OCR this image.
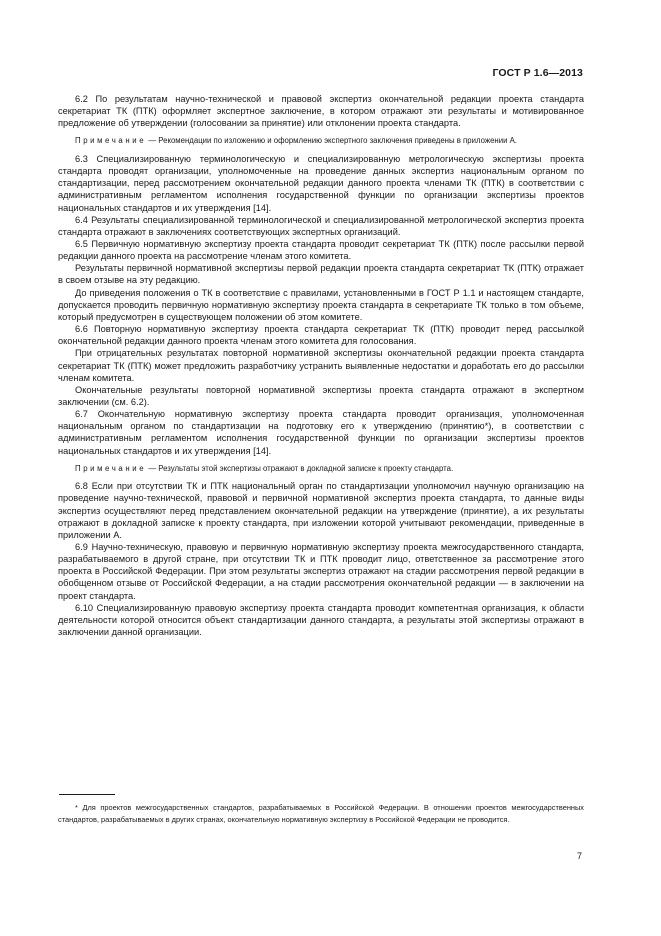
ГОСТ Р 1.6—2013

6.2 По результатам научно-технической и правовой экспертиз окончательной редакции проекта стандарта секретариат ТК (ПТК) оформляет экспертное заключение, в котором отражают эти результаты и мотивированное предложение об утверждении (голосовании за принятие) или отклонении проекта стандарта.

Примечание — Рекомендации по изложению и оформлению экспертного заключения приведены в приложении А.

6.3 Специализированную терминологическую и специализированную метрологическую экспертизы проекта стандарта проводят организации, уполномоченные на проведение данных экспертиз национальным органом по стандартизации, перед рассмотрением окончательной редакции данного проекта членами ТК (ПТК) в соответствии с административным регламентом исполнения государственной функции по организации экспертизы проектов национальных стандартов и их утверждения [14].

6.4 Результаты специализированной терминологической и специализированной метрологической экспертиз проекта стандарта отражают в заключениях соответствующих экспертных организаций.

6.5 Первичную нормативную экспертизу проекта стандарта проводит секретариат ТК (ПТК) после рассылки первой редакции данного проекта на рассмотрение членам этого комитета.

Результаты первичной нормативной экспертизы первой редакции проекта стандарта секретариат ТК (ПТК) отражает в своем отзыве на эту редакцию.

До приведения положения о ТК в соответствие с правилами, установленными в ГОСТ Р 1.1 и настоящем стандарте, допускается проводить первичную нормативную экспертизу проекта стандарта в секретариате ТК только в том объеме, который предусмотрен в существующем положении об этом комитете.

6.6 Повторную нормативную экспертизу проекта стандарта секретариат ТК (ПТК) проводит перед рассылкой окончательной редакции данного проекта членам этого комитета для голосования.

При отрицательных результатах повторной нормативной экспертизы окончательной редакции проекта стандарта секретариат ТК (ПТК) может предложить разработчику устранить выявленные недостатки и доработать его до рассылки членам комитета.

Окончательные результаты повторной нормативной экспертизы проекта стандарта отражают в экспертном заключении (см. 6.2).

6.7 Окончательную нормативную экспертизу проекта стандарта проводит организация, уполномоченная национальным органом по стандартизации на подготовку его к утверждению (принятию*), в соответствии с административным регламентом исполнения государственной функции по организации экспертизы проектов национальных стандартов и их утверждения [14].

Примечание — Результаты этой экспертизы отражают в докладной записке к проекту стандарта.

6.8 Если при отсутствии ТК и ПТК национальный орган по стандартизации уполномочил научную организацию на проведение научно-технической, правовой и первичной нормативной экспертиз проекта стандарта, то данные виды экспертиз осуществляют перед представлением окончательной редакции на утверждение (принятие), а их результаты отражают в докладной записке к проекту стандарта, при изложении которой учитывают рекомендации, приведенные в приложении А.

6.9 Научно-техническую, правовую и первичную нормативную экспертизу проекта межгосударственного стандарта, разрабатываемого в другой стране, при отсутствии ТК и ПТК проводит лицо, ответственное за рассмотрение этого проекта в Российской Федерации. При этом результаты экспертиз отражают на стадии рассмотрения первой редакции в обобщенном отзыве от Российской Федерации, а на стадии рассмотрения окончательной редакции — в заключении на проект стандарта.

6.10 Специализированную правовую экспертизу проекта стандарта проводит компетентная организация, к области деятельности которой относится объект стандартизации данного стандарта, а результаты этой экспертизы отражают в заключении данной организации.

* Для проектов межгосударственных стандартов, разрабатываемых в Российской Федерации. В отношении проектов межгосударственных стандартов, разрабатываемых в других странах, окончательную нормативную экспертизу в Российской Федерации не проводится.

7
